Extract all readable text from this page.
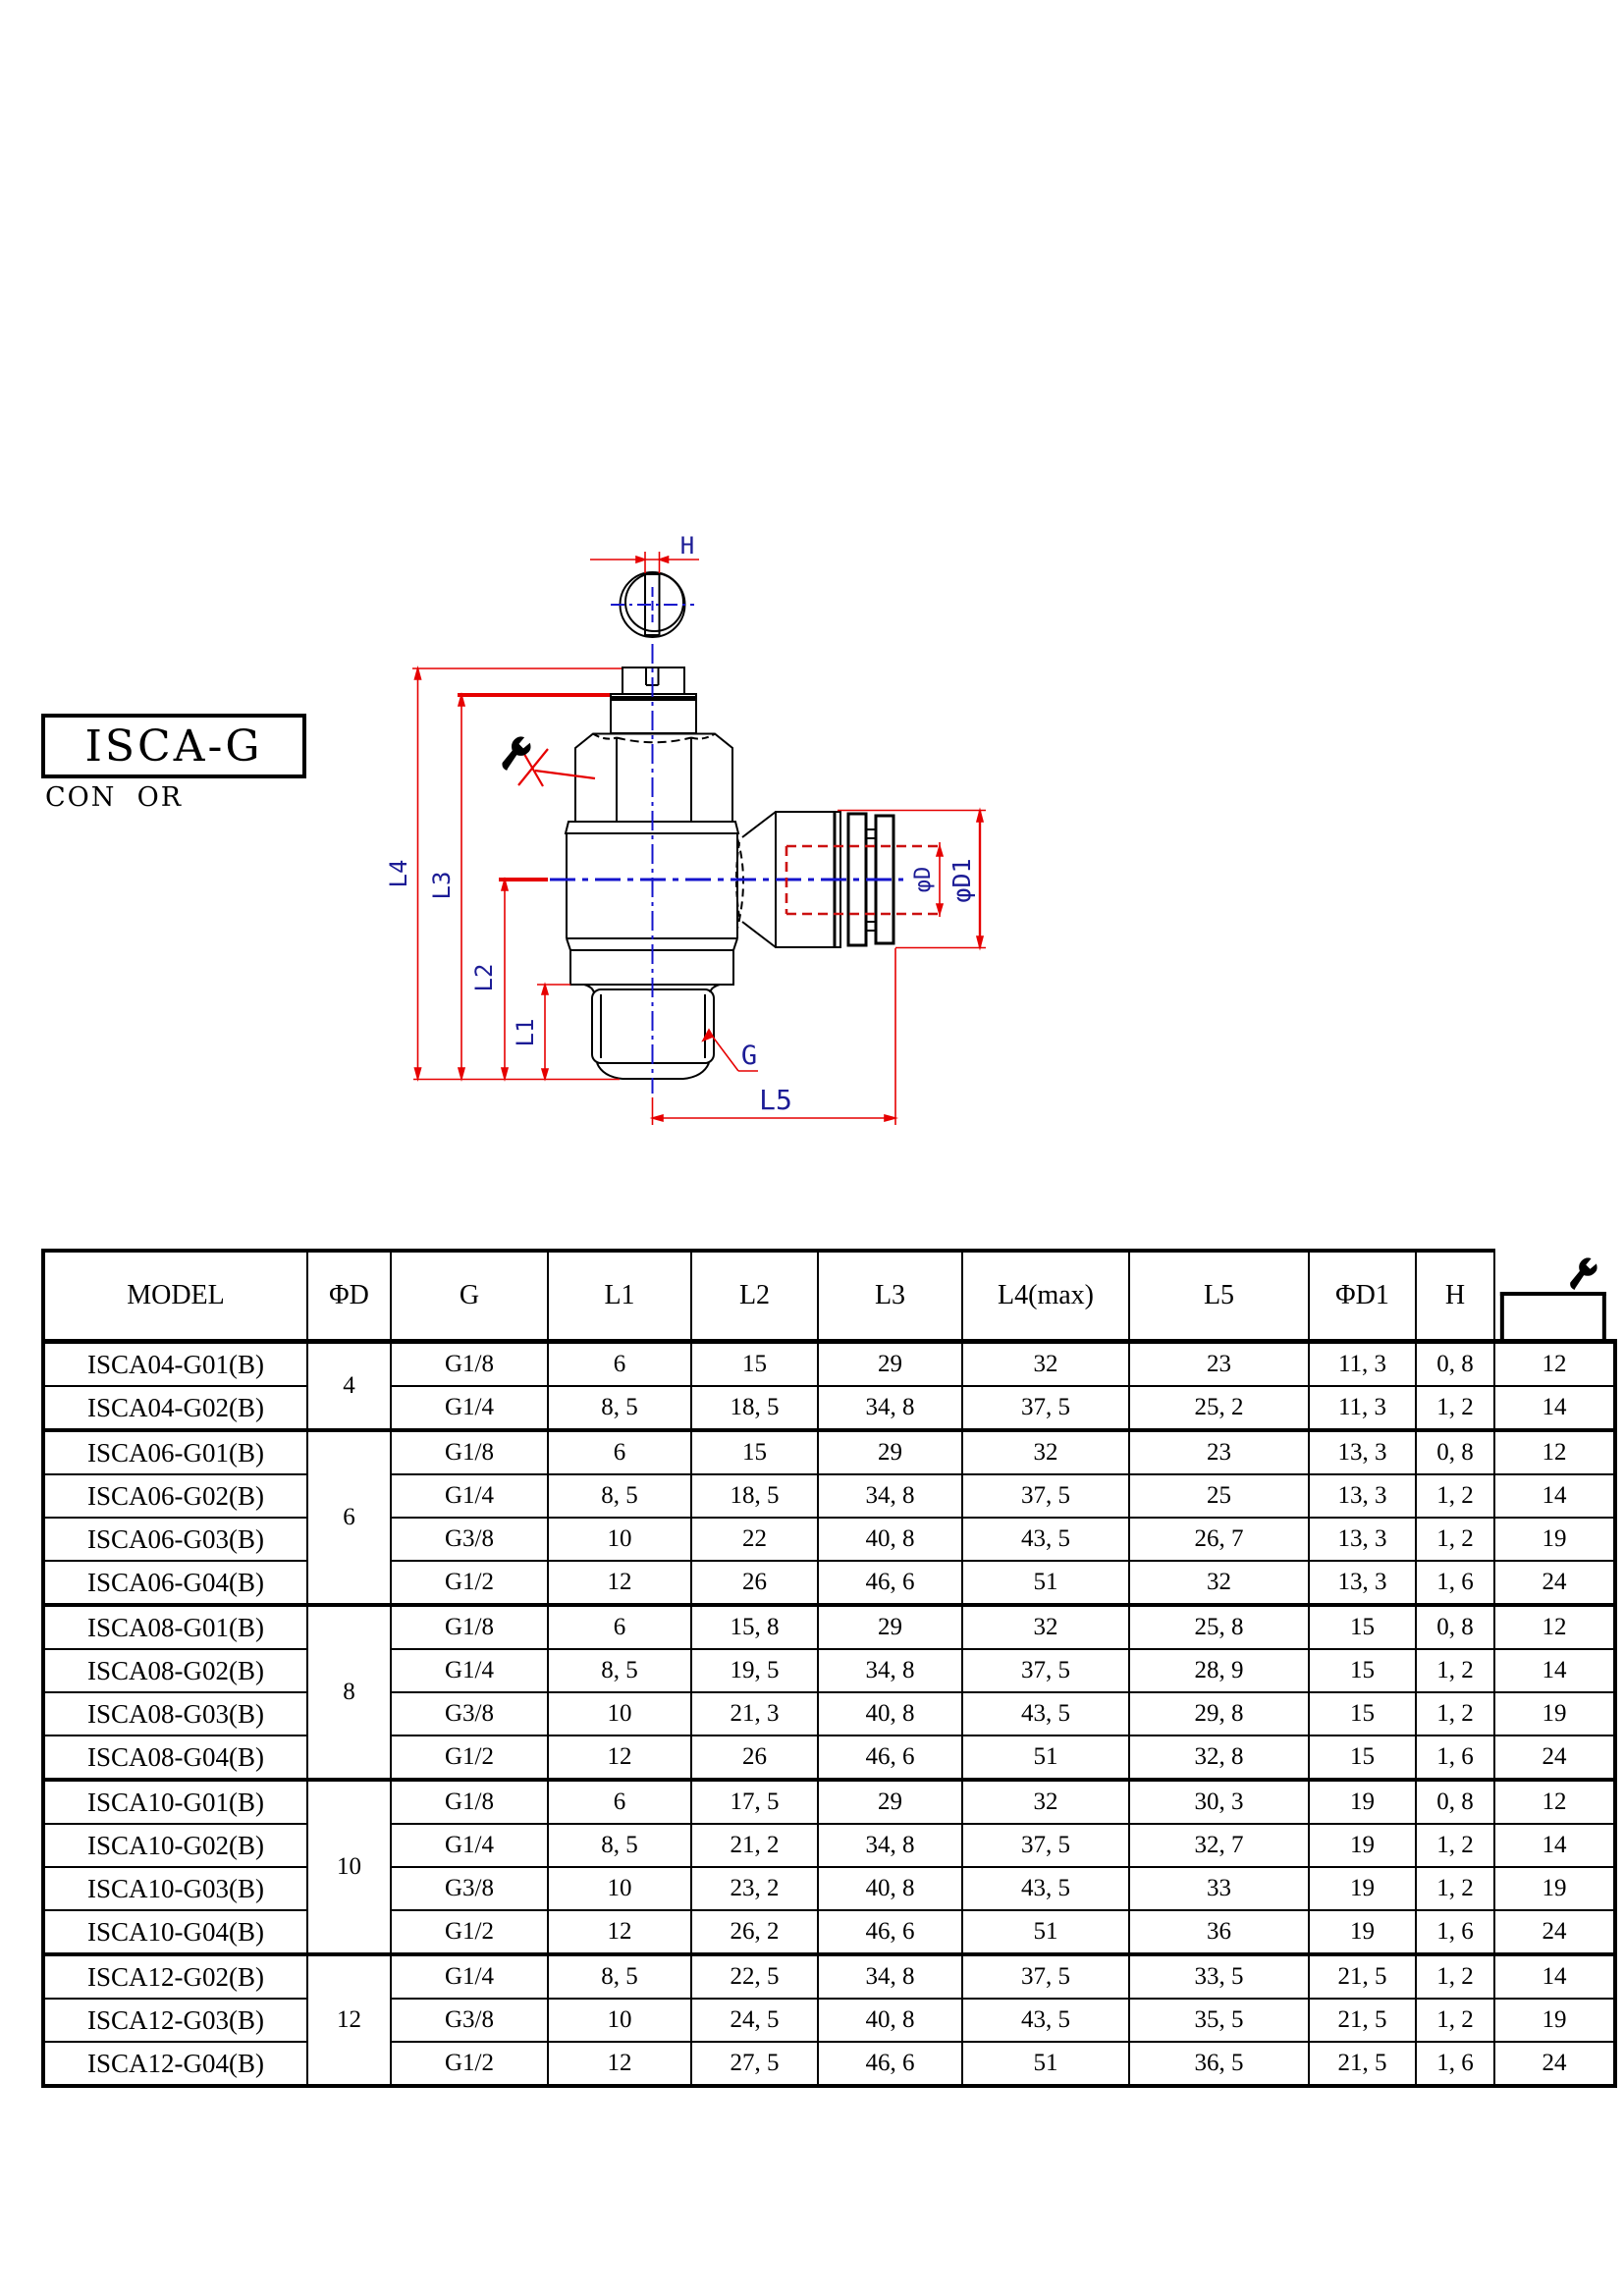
ISCA-G
CON  OR
H
L4 L3
L2
L1
L5
φD φD1
G
MODEL	ΦD	G	L1	L2	L3	L4(max)	L5	ΦD1	H	

ISCA04-G01(B)	4	G1/8	6	15	29	32	23	11, 3	0, 8	12
ISCA04-G02(B)		G1/4	8, 5	18, 5	34, 8	37, 5	25, 2	11, 3	1, 2	14
ISCA06-G01(B)	6	G1/8	6	15	29	32	23	13, 3	0, 8	12
ISCA06-G02(B)		G1/4	8, 5	18, 5	34, 8	37, 5	25	13, 3	1, 2	14
ISCA06-G03(B)		G3/8	10	22	40, 8	43, 5	26, 7	13, 3	1, 2	19
ISCA06-G04(B)		G1/2	12	26	46, 6	51	32	13, 3	1, 6	24
ISCA08-G01(B)	8	G1/8	6	15, 8	29	32	25, 8	15	0, 8	12
ISCA08-G02(B)		G1/4	8, 5	19, 5	34, 8	37, 5	28, 9	15	1, 2	14
ISCA08-G03(B)		G3/8	10	21, 3	40, 8	43, 5	29, 8	15	1, 2	19
ISCA08-G04(B)		G1/2	12	26	46, 6	51	32, 8	15	1, 6	24
ISCA10-G01(B)	10	G1/8	6	17, 5	29	32	30, 3	19	0, 8	12
ISCA10-G02(B)		G1/4	8, 5	21, 2	34, 8	37, 5	32, 7	19	1, 2	14
ISCA10-G03(B)		G3/8	10	23, 2	40, 8	43, 5	33	19	1, 2	19
ISCA10-G04(B)		G1/2	12	26, 2	46, 6	51	36	19	1, 6	24
ISCA12-G02(B)	12	G1/4	8, 5	22, 5	34, 8	37, 5	33, 5	21, 5	1, 2	14
ISCA12-G03(B)		G3/8	10	24, 5	40, 8	43, 5	35, 5	21, 5	1, 2	19
ISCA12-G04(B)		G1/2	12	27, 5	46, 6	51	36, 5	21, 5	1, 6	24
